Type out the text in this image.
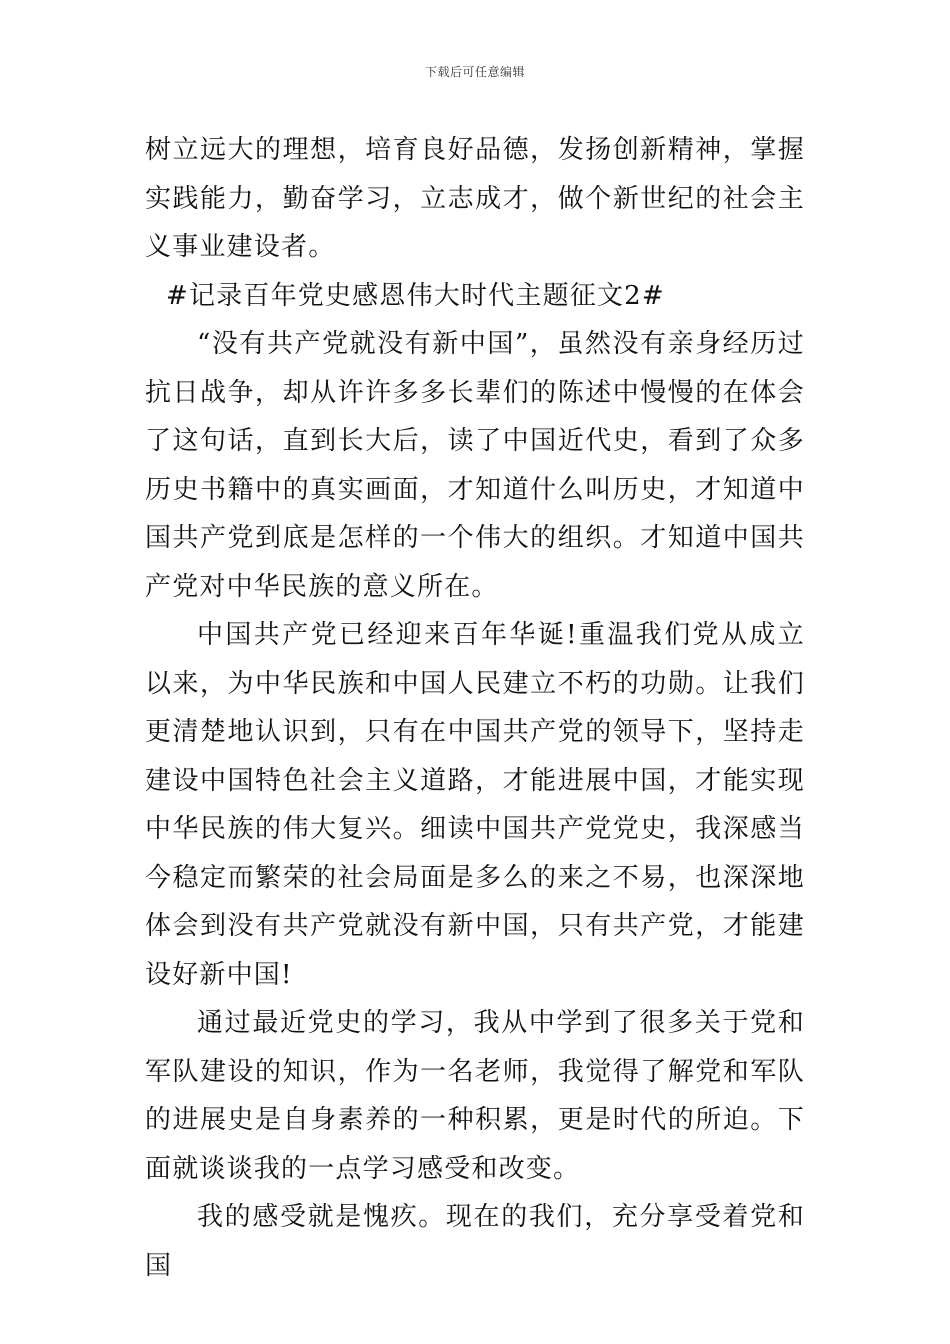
下载后可任意编辑

树立远大的理想，培育良好品德，发扬创新精神，掌握实践能力，勤奋学习，立志成才，做个新世纪的社会主义事业建设者。

#记录百年党史感恩伟大时代主题征文2#

“没有共产党就没有新中国”，虽然没有亲身经历过抗日战争，却从许许多多长辈们的陈述中慢慢的在体会了这句话，直到长大后，读了中国近代史，看到了众多历史书籍中的真实画面，才知道什么叫历史，才知道中国共产党到底是怎样的一个伟大的组织。才知道中国共产党对中华民族的意义所在。

中国共产党已经迎来百年华诞!重温我们党从成立以来，为中华民族和中国人民建立不朽的功勋。让我们更清楚地认识到，只有在中国共产党的领导下，坚持走建设中国特色社会主义道路，才能进展中国，才能实现中华民族的伟大复兴。细读中国共产党党史，我深感当今稳定而繁荣的社会局面是多么的来之不易，也深深地体会到没有共产党就没有新中国，只有共产党，才能建设好新中国!

通过最近党史的学习，我从中学到了很多关于党和军队建设的知识，作为一名老师，我觉得了解党和军队的进展史是自身素养的一种积累，更是时代的所迫。下面就谈谈我的一点学习感受和改变。

我的感受就是愧疚。现在的我们，充分享受着党和国
